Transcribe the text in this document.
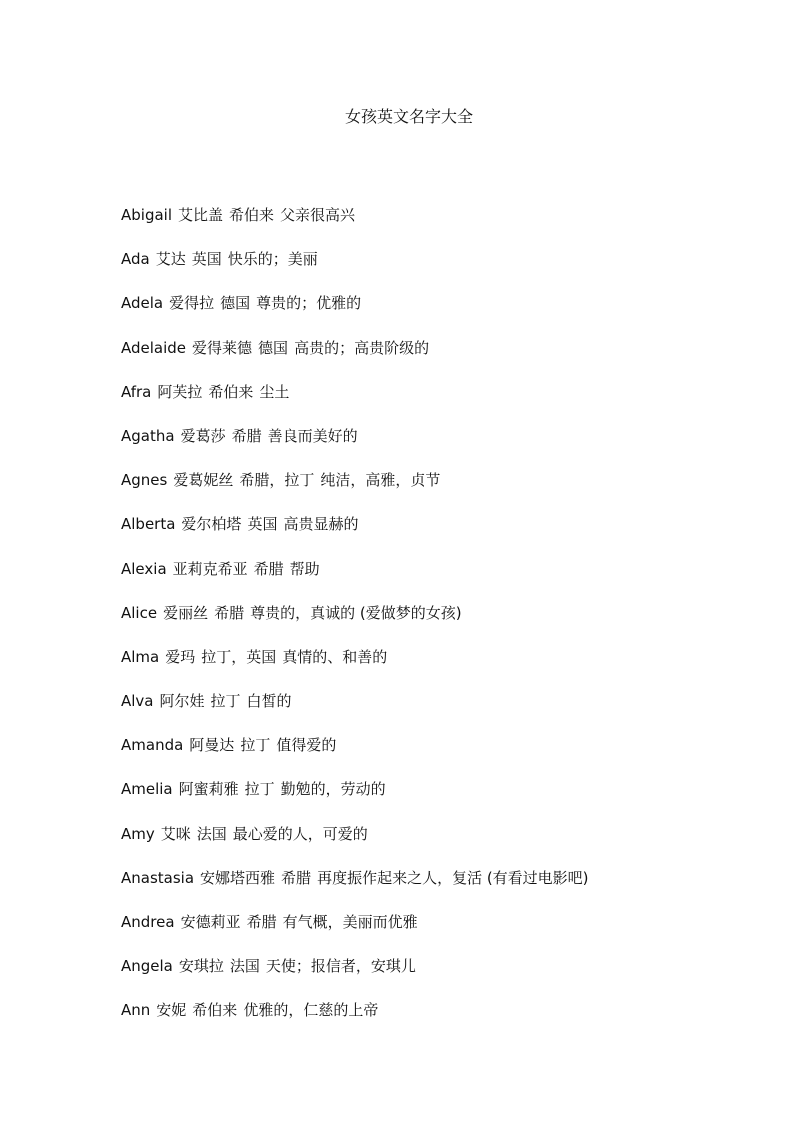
女孩英文名字大全
Abigail 艾比盖 希伯来 父亲很高兴
Ada 艾达 英国 快乐的；美丽
Adela 爱得拉 德国 尊贵的；优雅的
Adelaide 爱得莱德 德国 高贵的；高贵阶级的
Afra 阿芙拉 希伯来 尘土
Agatha 爱葛莎 希腊 善良而美好的
Agnes 爱葛妮丝 希腊，拉丁 纯洁，高雅，贞节
Alberta 爱尔柏塔 英国 高贵显赫的
Alexia 亚莉克希亚 希腊 帮助
Alice 爱丽丝 希腊 尊贵的，真诚的 (爱做梦的女孩)
Alma 爱玛 拉丁，英国 真情的、和善的
Alva 阿尔娃 拉丁 白皙的
Amanda 阿曼达 拉丁 值得爱的
Amelia 阿蜜莉雅 拉丁 勤勉的，劳动的
Amy 艾咪 法国 最心爱的人，可爱的
Anastasia 安娜塔西雅 希腊 再度振作起来之人，复活 (有看过电影吧)
Andrea 安德莉亚 希腊 有气概，美丽而优雅
Angela 安琪拉 法国 天使；报信者，安琪儿
Ann 安妮 希伯来 优雅的，仁慈的上帝
